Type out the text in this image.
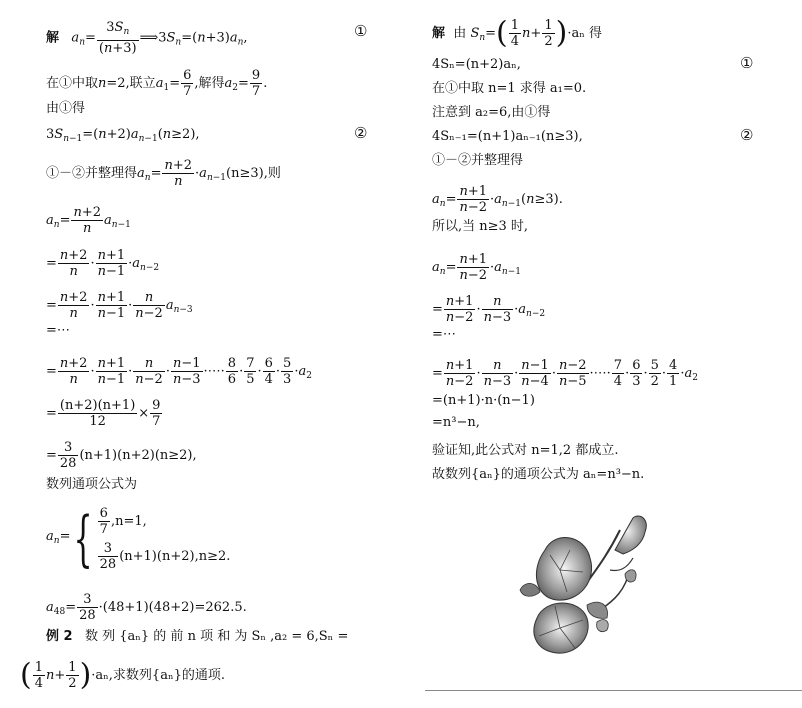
解 $a_n= \frac{3S_n}{(n+3)}$ $⟹3S_n=(n+3)a_n$,	①
在①中取n=2,联立$a_1= \frac{6}{7}$ ,解得$a_2= \frac{9}{7}$ .
由①得
$3S_{n-1}=(n+2)a_{n-1}(n\ge 2)$,	②
①－②并整理得$a_n= \frac{n+2}{n} \cdot a_{n-1}(n\ge 3)$,则
$a_n= \frac{n+2}{n} a_{n-1}$
= $\frac{n+2}{n} \cdot \frac{n+1}{n-1} \cdot a_{n-2}$
= $\frac{n+2}{n} \cdot \frac{n+1}{n-1} \cdot \frac{n}{n-2} a_{n-3}$
=⋯
= $\frac{n+2}{n} \cdot \frac{n+1}{n-1} \cdot \frac{n}{n-2} \cdot \frac{n-1}{n-3}$ ·⋯· $\frac{8}{6} \cdot \frac{7}{5} \cdot \frac{6}{4} \cdot \frac{5}{3} \cdot a_2$
= $\frac{(n+2)(n+1)}{12} \times \frac{9}{7}$
= $\frac{3}{28} (n+1)(n+2)(n\ge 2)$,
数列通项公式为
$a_n=\{ \frac{6}{7} ,n=1$,
$\frac{3}{28} (n+1)(n+2),n\ge 2$.
$a_{48}= \frac{3}{28} \cdot(48+1)(48+2)=262.5$.
例 2 数 列 {aₙ} 的 前 n 项 和 为 Sₙ ,a₂ = 6,Sₙ =
( $\frac{1}{4} n+ \frac{1}{2} )\cdot a_n$,求数列{aₙ}的通项.
解 由 $S_n=( \frac{1}{4} n+ \frac{1}{2} )\cdot a_n$ 得
4Sₙ=(n+2)aₙ,	①
在①中取 n=1 求得 a₁=0.
注意到 a₂=6,由①得
4Sₙ₋₁=(n+1)aₙ₋₁(n≥3),	②
①－②并整理得
$a_n= \frac{n+1}{n-2} \cdot a_{n-1}(n\ge 3)$.
所以,当 n≥3 时,
$a_n= \frac{n+1}{n-2} \cdot a_{n-1}$
= $\frac{n+1}{n-2} \cdot \frac{n}{n-3} \cdot a_{n-2}$
=⋯
= $\frac{n+1}{n-2} \cdot \frac{n}{n-3} \cdot \frac{n-1}{n-4} \cdot \frac{n-2}{n-5}$ ·⋯· $\frac{7}{4} \cdot \frac{6}{3} \cdot \frac{5}{2} \cdot \frac{4}{1} \cdot a_2$
=(n+1)·n·(n−1)
=n³−n,
验证知,此公式对 n=1,2 都成立.
故数列{aₙ}的通项公式为 aₙ=n³−n.
